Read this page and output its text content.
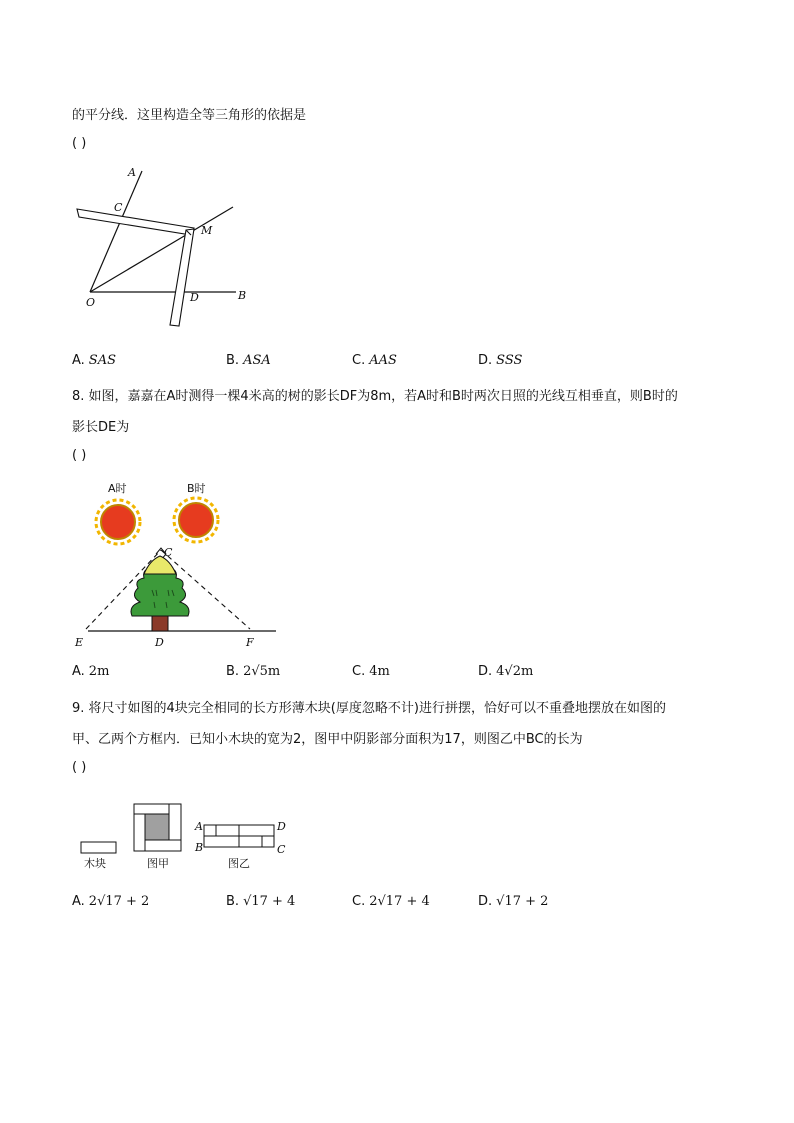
的平分线．这里构造全等三角形的依据是
( )
A
C
M
O	D	B
A. SAS	B. ASA	C. AAS	D. SSS
8. 如图，嘉嘉在A时测得一棵4米高的树的影长DF为8m，若A时和B时两次日照的光线互相垂直，则B时的
影长DE为
( )
A时	B时
C
E	D	F
A. 2m	B. 2√5m	C. 4m	D. 4√2m
9. 将尺寸如图的4块完全相同的长方形薄木块(厚度忽略不计)进行拼摆，恰好可以不重叠地摆放在如图的
甲、乙两个方框内．已知小木块的宽为2，图甲中阴影部分面积为17，则图乙中BC的长为
( )
木块	图甲
A
B	C
D
图乙
A. 2√17 + 2	B. √17 + 4	C. 2√17 + 4	D. √17 + 2
